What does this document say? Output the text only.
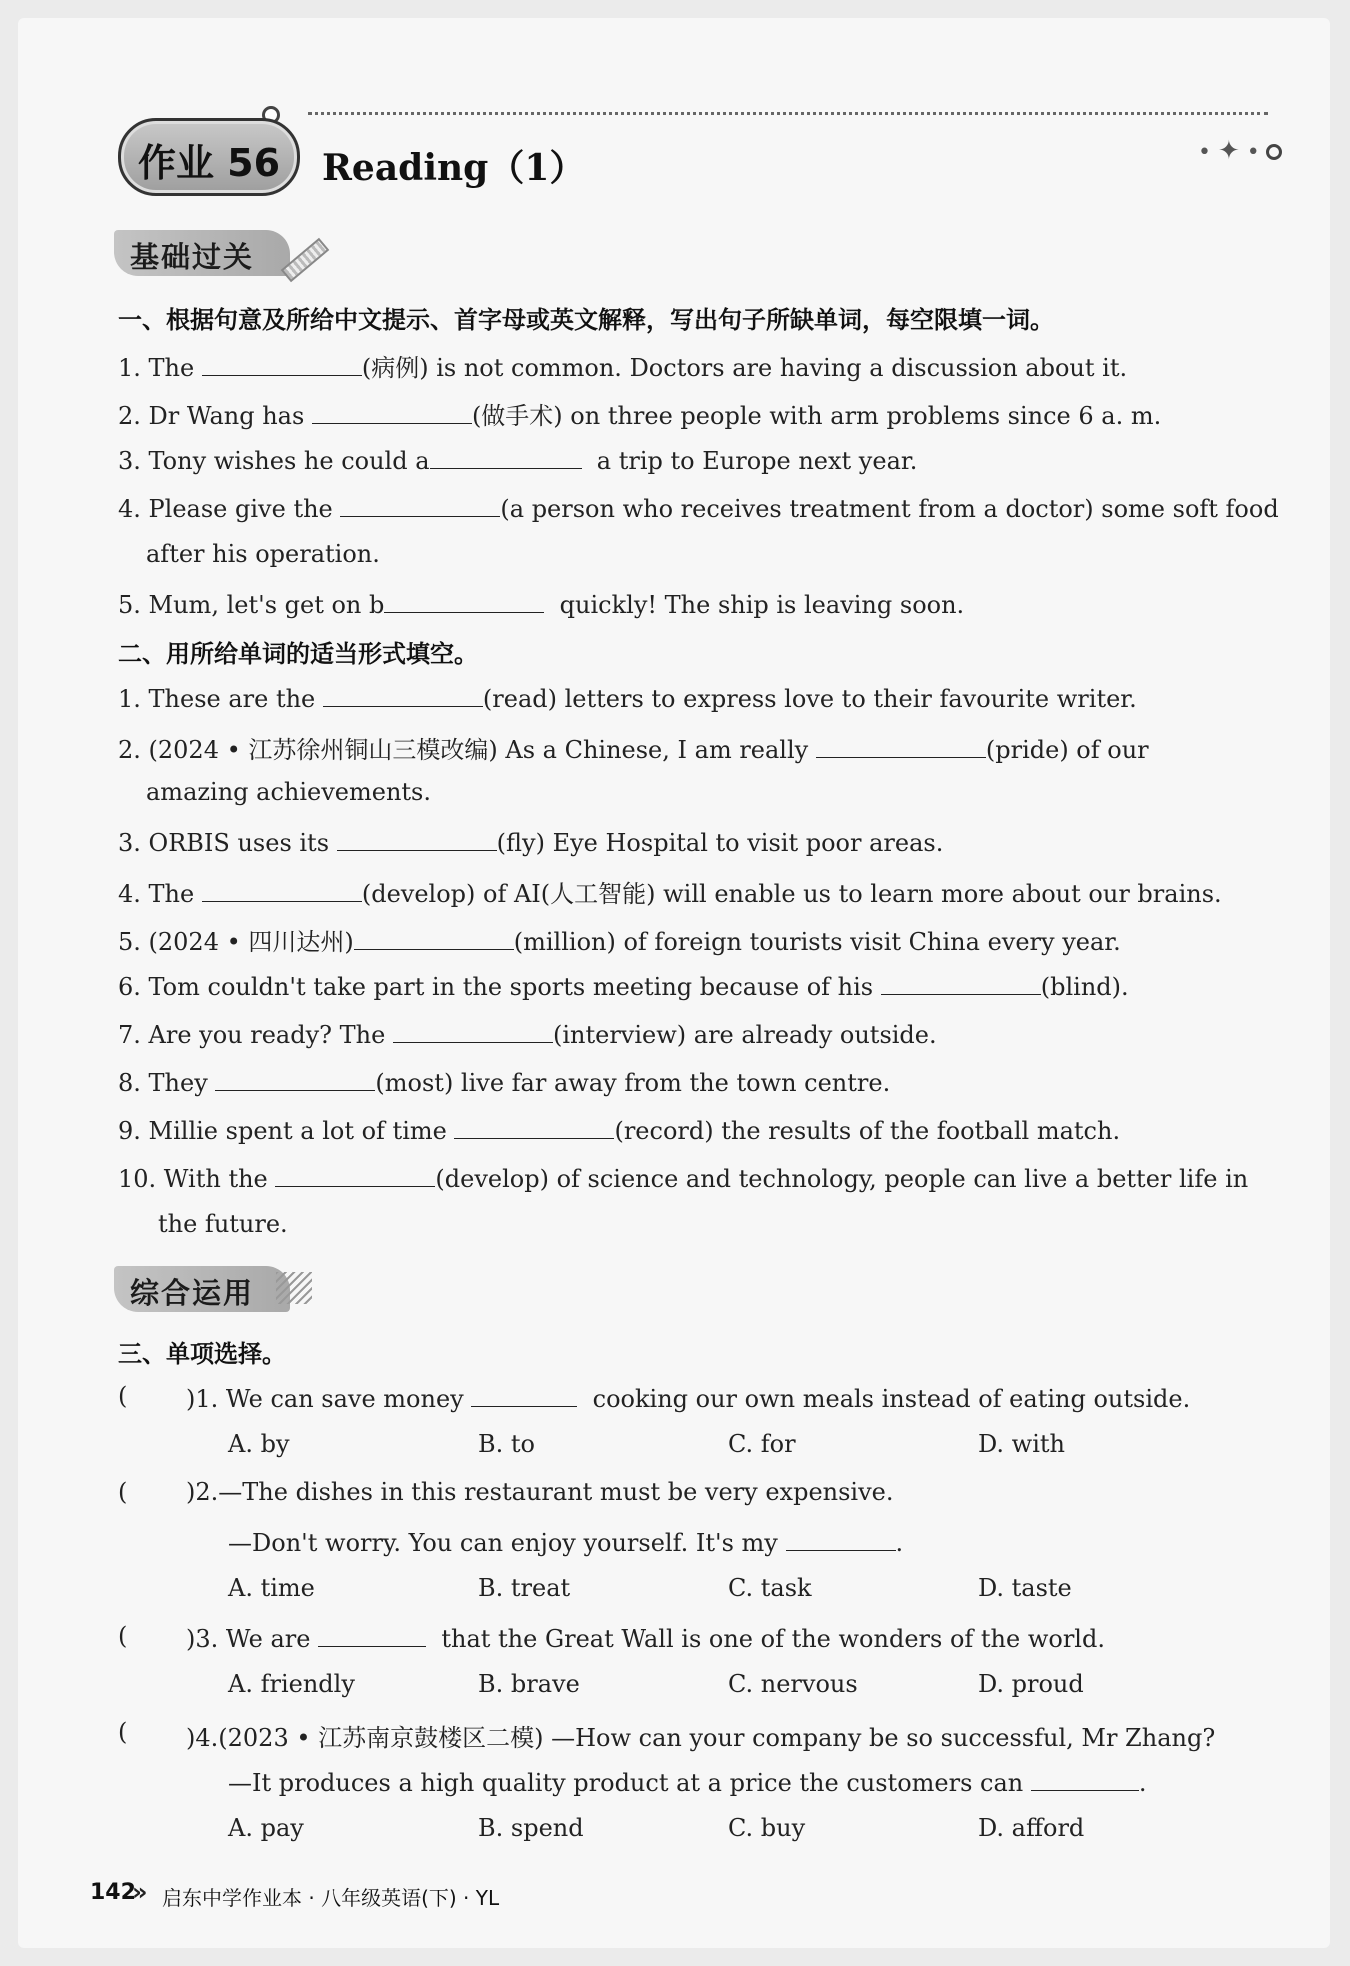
作业 56	Reading（1）	• ✦ •
基础过关
一、根据句意及所给中文提示、首字母或英文解释，写出句子所缺单词，每空限填一词。
1. The	(病例) is not common. Doctors are having a discussion about it.
2. Dr Wang has	(做手术) on three people with arm problems since 6 a. m.
3. Tony wishes he could a	a trip to Europe next year.
4. Please give the	(a person who receives treatment from a doctor) some soft food
after his operation.
5. Mum, let's get on b	quickly! The ship is leaving soon.
二、用所给单词的适当形式填空。
1. These are the	(read) letters to express love to their favourite writer.
2. (2024 • 江苏徐州铜山三模改编) As a Chinese, I am really	(pride) of our
amazing achievements.
3. ORBIS uses its	(fly) Eye Hospital to visit poor areas.
4. The	(develop) of AI(人工智能) will enable us to learn more about our brains.
5. (2024 • 四川达州)	(million) of foreign tourists visit China every year.
6. Tom couldn't take part in the sports meeting because of his	(blind).
7. Are you ready? The	(interview) are already outside.
8. They	(most) live far away from the town centre.
9. Millie spent a lot of time	(record) the results of the football match.
10. With the	(develop) of science and technology, people can live a better life in
the future.
综合运用
三、单项选择。
( )1. We can save money	cooking our own meals instead of eating outside.
A. by	B. to	C. for	D. with
( )2.—The dishes in this restaurant must be very expensive.
—Don't worry. You can enjoy yourself. It's my	.
A. time	B. treat	C. task	D. taste
( )3. We are	that the Great Wall is one of the wonders of the world.
A. friendly	B. brave	C. nervous	D. proud
( )4.(2023 • 江苏南京鼓楼区二模) —How can your company be so successful, Mr Zhang?
—It produces a high quality product at a price the customers can	.
A. pay	B. spend	C. buy	D. afford
142
» 启东中学作业本 · 八年级英语(下) · YL
